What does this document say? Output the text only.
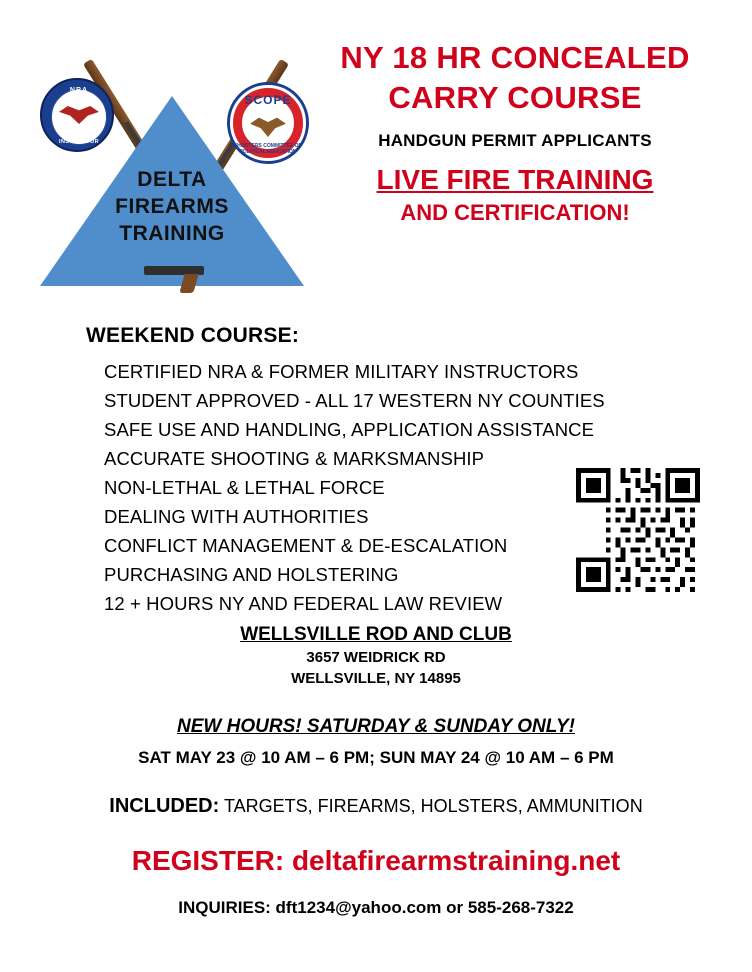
DELTA
FIREARMS
TRAINING
NRA
CERTIFIED INSTRUCTOR
SCOPE
SHOOTERS COMMITTEE ON POLITICAL EDUCATION
NY 18 HR CONCEALED
CARRY COURSE
HANDGUN PERMIT APPLICANTS
LIVE FIRE TRAINING
AND CERTIFICATION!
WEEKEND COURSE:
CERTIFIED NRA & FORMER MILITARY INSTRUCTORS
STUDENT APPROVED - ALL 17 WESTERN NY COUNTIES
SAFE USE AND HANDLING, APPLICATION ASSISTANCE
ACCURATE SHOOTING & MARKSMANSHIP
NON-LETHAL & LETHAL FORCE
DEALING WITH AUTHORITIES
CONFLICT MANAGEMENT & DE-ESCALATION
PURCHASING AND HOLSTERING
12 + HOURS NY AND FEDERAL LAW REVIEW
WELLSVILLE ROD AND CLUB
3657 WEIDRICK RD
WELLSVILLE, NY 14895
NEW HOURS! SATURDAY & SUNDAY ONLY!
SAT MAY 23 @ 10 AM – 6 PM; SUN MAY 24 @ 10 AM – 6 PM
INCLUDED: TARGETS, FIREARMS, HOLSTERS, AMMUNITION
REGISTER: deltafirearmstraining.net
INQUIRIES: dft1234@yahoo.com or 585-268-7322
